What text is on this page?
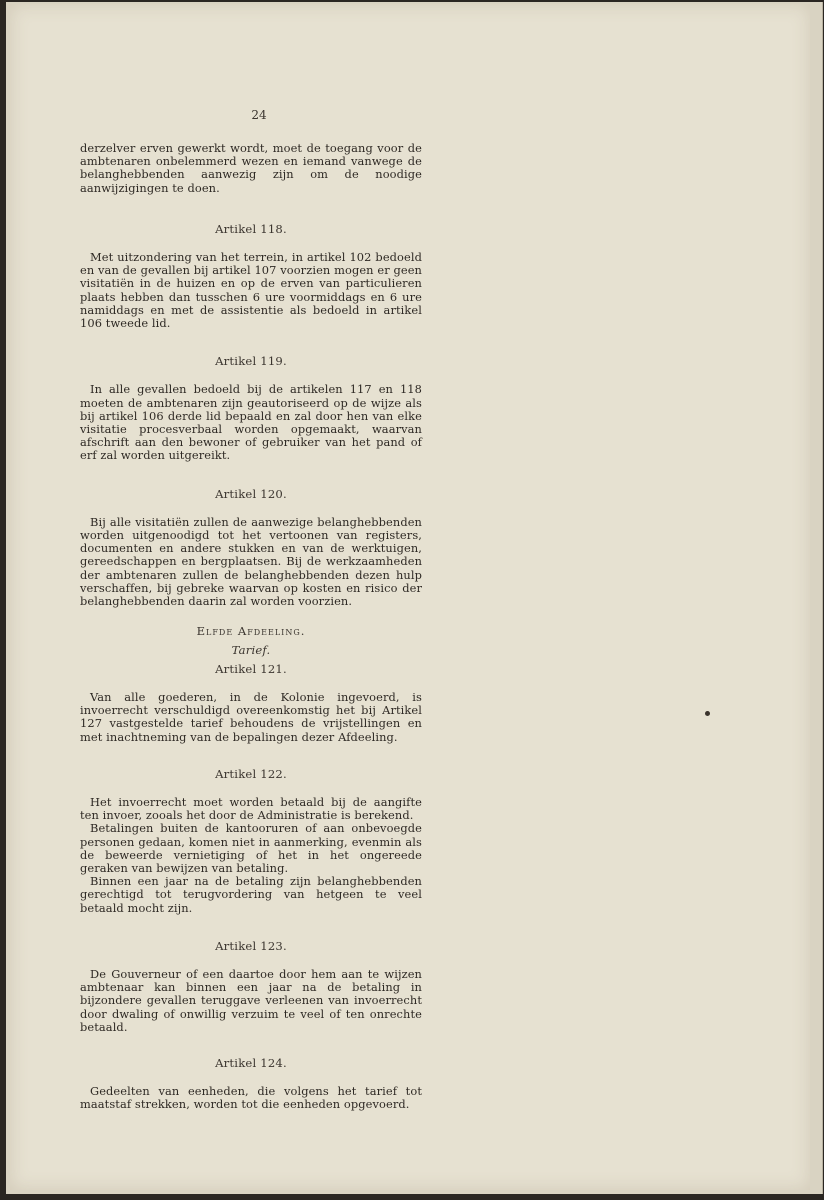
24

derzelver erven gewerkt wordt, moet de toegang voor de ambtenaren onbelemmerd wezen en iemand vanwege de belanghebbenden aanwezig zijn om de noodige aanwijzigingen te doen.

Artikel 118.

Met uitzondering van het terrein, in artikel 102 bedoeld en van de gevallen bij artikel 107 voorzien mogen er geen visitatiën in de huizen en op de erven van particulieren plaats hebben dan tusschen 6 ure voormiddags en 6 ure namiddags en met de assistentie als bedoeld in artikel 106 tweede lid.

Artikel 119.

In alle gevallen bedoeld bij de artikelen 117 en 118 moeten de ambtenaren zijn geautoriseerd op de wijze als bij artikel 106 derde lid bepaald en zal door hen van elke visitatie procesverbaal worden opgemaakt, waarvan afschrift aan den bewoner of gebruiker van het pand of erf zal worden uitgereikt.

Artikel 120.

Bij alle visitatiën zullen de aanwezige belanghebbenden worden uitgenoodigd tot het vertoonen van registers, documenten en andere stukken en van de werktuigen, gereedschappen en bergplaatsen. Bij de werkzaamheden der ambtenaren zullen de belanghebbenden dezen hulp verschaffen, bij gebreke waarvan op kosten en risico der belanghebbenden daarin zal worden voorzien.

Elfde Afdeeling.

Tarief.

Artikel 121.

Van alle goederen, in de Kolonie ingevoerd, is invoerrecht verschuldigd overeenkomstig het bij Artikel 127 vastgestelde tarief behoudens de vrijstellingen en met inachtneming van de bepalingen dezer Afdeeling.

Artikel 122.

Het invoerrecht moet worden betaald bij de aangifte ten invoer, zooals het door de Administratie is berekend.

Betalingen buiten de kantooruren of aan onbevoegde personen gedaan, komen niet in aanmerking, evenmin als de beweerde vernietiging of het in het ongereede geraken van bewijzen van betaling.

Binnen een jaar na de betaling zijn belanghebbenden gerechtigd tot terugvordering van hetgeen te veel betaald mocht zijn.

Artikel 123.

De Gouverneur of een daartoe door hem aan te wijzen ambtenaar kan binnen een jaar na de betaling in bijzondere gevallen teruggave verleenen van invoerrecht door dwaling of onwillig verzuim te veel of ten onrechte betaald.

Artikel 124.

Gedeelten van eenheden, die volgens het tarief tot maatstaf strekken, worden tot die eenheden opgevoerd.
